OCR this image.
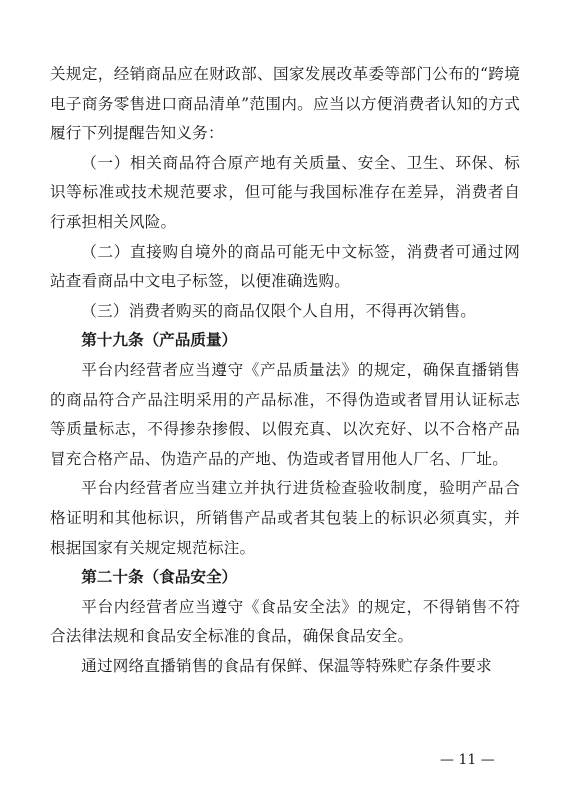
关规定，经销商品应在财政部、国家发展改革委等部门公布的“跨境电子商务零售进口商品清单”范围内。应当以方便消费者认知的方式履行下列提醒告知义务：

（一）相关商品符合原产地有关质量、安全、卫生、环保、标识等标准或技术规范要求，但可能与我国标准存在差异，消费者自行承担相关风险。

（二）直接购自境外的商品可能无中文标签，消费者可通过网站查看商品中文电子标签，以便准确选购。

（三）消费者购买的商品仅限个人自用，不得再次销售。

第十九条（产品质量）

平台内经营者应当遵守《产品质量法》的规定，确保直播销售的商品符合产品注明采用的产品标准，不得伪造或者冒用认证标志等质量标志，不得掺杂掺假、以假充真、以次充好、以不合格产品冒充合格产品、伪造产品的产地、伪造或者冒用他人厂名、厂址。

平台内经营者应当建立并执行进货检查验收制度，验明产品合格证明和其他标识，所销售产品或者其包装上的标识必须真实，并根据国家有关规定规范标注。

第二十条（食品安全）

平台内经营者应当遵守《食品安全法》的规定，不得销售不符合法律法规和食品安全标准的食品，确保食品安全。

通过网络直播销售的食品有保鲜、保温等特殊贮存条件要求

— 11 —
